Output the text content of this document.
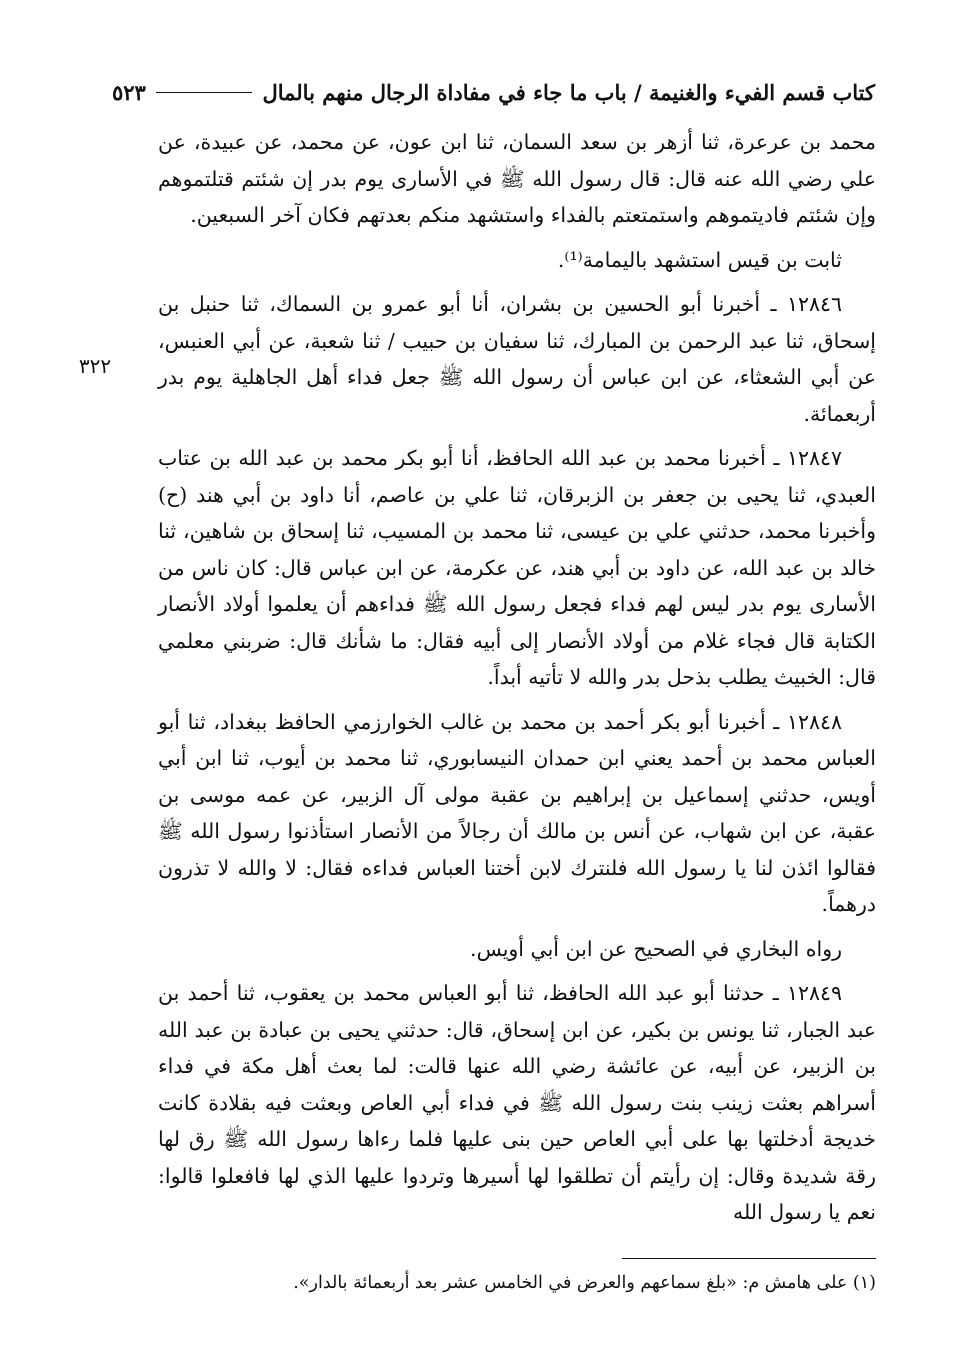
كتاب قسم الفيء والغنيمة / باب ما جاء في مفاداة الرجال منهم بالمال
٥٢٣
٣٢٢

محمد بن عرعرة، ثنا أزهر بن سعد السمان، ثنا ابن عون، عن محمد، عن عبيدة، عن علي رضي الله عنه قال: قال رسول الله ﷺ في الأسارى يوم بدر إن شئتم قتلتموهم وإن شئتم فاديتموهم واستمتعتم بالفداء واستشهد منكم بعدتهم فكان آخر السبعين.

ثابت بن قيس استشهد باليمامة⁽¹⁾.

١٢٨٤٦ ـ أخبرنا أبو الحسين بن بشران، أنا أبو عمرو بن السماك، ثنا حنبل بن إسحاق، ثنا عبد الرحمن بن المبارك، ثنا سفيان بن حبيب / ثنا شعبة، عن أبي العنبس، عن أبي الشعثاء، عن ابن عباس أن رسول الله ﷺ جعل فداء أهل الجاهلية يوم بدر أربعمائة.

١٢٨٤٧ ـ أخبرنا محمد بن عبد الله الحافظ، أنا أبو بكر محمد بن عبد الله بن عتاب العبدي، ثنا يحيى بن جعفر بن الزبرقان، ثنا علي بن عاصم، أنا داود بن أبي هند (ح) وأخبرنا محمد، حدثني علي بن عيسى، ثنا محمد بن المسيب، ثنا إسحاق بن شاهين، ثنا خالد بن عبد الله، عن داود بن أبي هند، عن عكرمة، عن ابن عباس قال: كان ناس من الأسارى يوم بدر ليس لهم فداء فجعل رسول الله ﷺ فداءهم أن يعلموا أولاد الأنصار الكتابة قال فجاء غلام من أولاد الأنصار إلى أبيه فقال: ما شأنك قال: ضربني معلمي قال: الخبيث يطلب بذحل بدر والله لا تأتيه أبداً.

١٢٨٤٨ ـ أخبرنا أبو بكر أحمد بن محمد بن غالب الخوارزمي الحافظ ببغداد، ثنا أبو العباس محمد بن أحمد يعني ابن حمدان النيسابوري، ثنا محمد بن أيوب، ثنا ابن أبي أويس، حدثني إسماعيل بن إبراهيم بن عقبة مولى آل الزبير، عن عمه موسى بن عقبة، عن ابن شهاب، عن أنس بن مالك أن رجالاً من الأنصار استأذنوا رسول الله ﷺ فقالوا ائذن لنا يا رسول الله فلنترك لابن أختنا العباس فداءه فقال: لا والله لا تذرون درهماً.

رواه البخاري في الصحيح عن ابن أبي أويس.

١٢٨٤٩ ـ حدثنا أبو عبد الله الحافظ، ثنا أبو العباس محمد بن يعقوب، ثنا أحمد بن عبد الجبار، ثنا يونس بن بكير، عن ابن إسحاق، قال: حدثني يحيى بن عبادة بن عبد الله بن الزبير، عن أبيه، عن عائشة رضي الله عنها قالت: لما بعث أهل مكة في فداء أسراهم بعثت زينب بنت رسول الله ﷺ في فداء أبي العاص وبعثت فيه بقلادة كانت خديجة أدخلتها بها على أبي العاص حين بنى عليها فلما رءاها رسول الله ﷺ رق لها رقة شديدة وقال: إن رأيتم أن تطلقوا لها أسيرها وتردوا عليها الذي لها فافعلوا قالوا: نعم يا رسول الله

(١) على هامش م: «بلغ سماعهم والعرض في الخامس عشر بعد أربعمائة بالدار».
